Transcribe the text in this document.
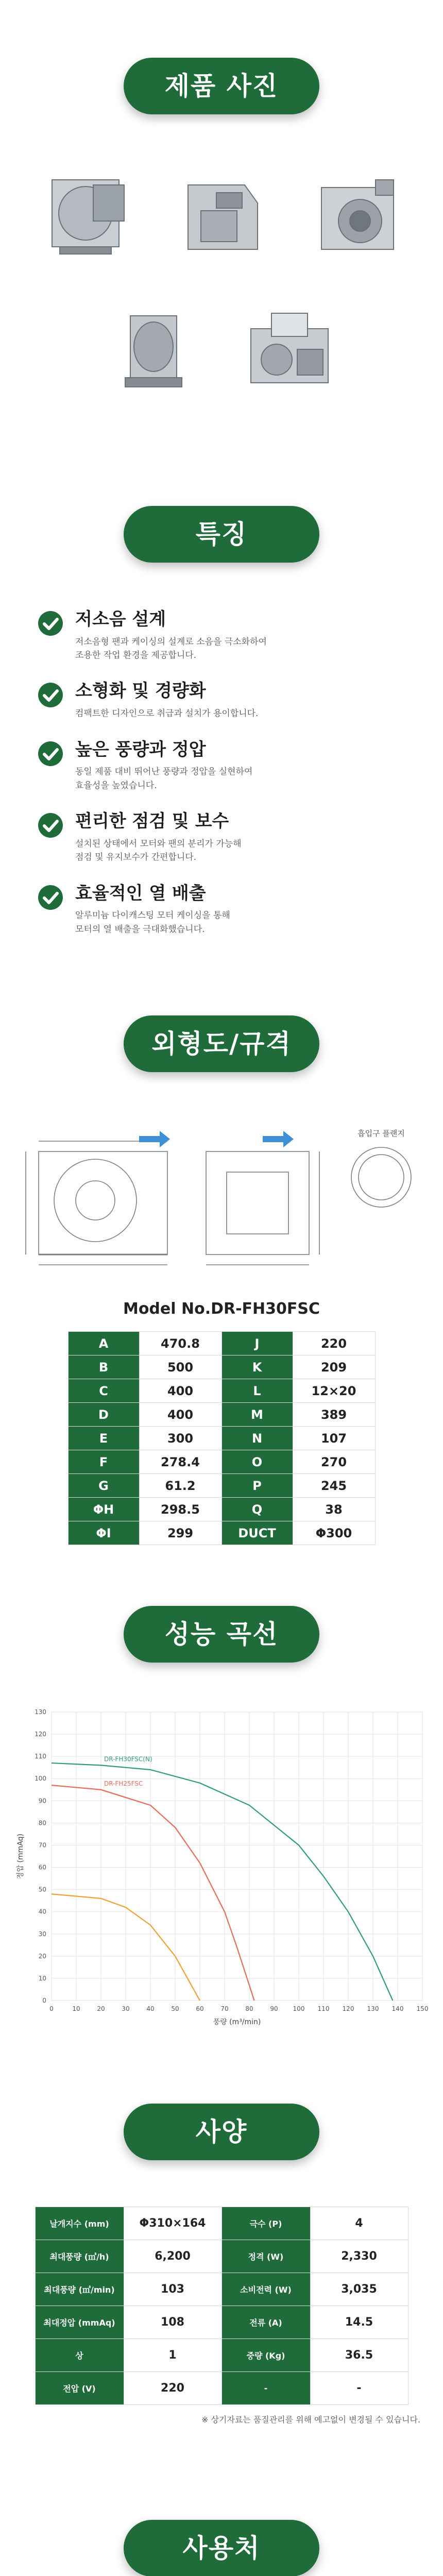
제품 사진
특징
저소음 설계
저소음형 팬과 케이싱의 설계로 소음을 극소화하여
조용한 작업 환경을 제공합니다.
소형화 및 경량화
컴팩트한 디자인으로 취급과 설치가 용이합니다.
높은 풍량과 정압
동일 제품 대비 뛰어난 풍량과 정압을 실현하여
효율성을 높였습니다.
편리한 점검 및 보수
설치된 상태에서 모터와 팬의 분리가 가능해
점검 및 유지보수가 간편합니다.
효율적인 열 배출
알루미늄 다이캐스팅 모터 케이싱을 통해
모터의 열 배출을 극대화했습니다.
외형도/규격
흡입구 플랜지
Model No.DR-FH30FSC
A	470.8	J	220
B	500	K	209
C	400	L	12×20
D	400	M	389
E	300	N	107
F	278.4	O	270
G	61.2	P	245
ΦH	298.5	Q	38
ΦI	299	DUCT	Φ300
성능 곡선
0	10	20	30	40	50	60	70	80	90 100 110 120 130 140 150
0
10
20
30
40
50
60
70
80
90
100
110
120
130
풍량 (m³/min)
정압 (mmAq)
DR-FH30FSC(N)
DR-FH25FSC
사양
날개지수 (mm)	Φ310×164	극수 (P)	4
최대풍량 (㎥/h)	6,200	정격 (W)	2,330
최대풍량 (㎥/min)	103	소비전력 (W)	3,035
최대정압 (mmAq)	108	전류 (A)	14.5
상	1	중량 (Kg)	36.5
전압 (V)	220	-	-
※ 상기자료는 품질관리를 위해 예고없이 변경될 수 있습니다.
사용처
